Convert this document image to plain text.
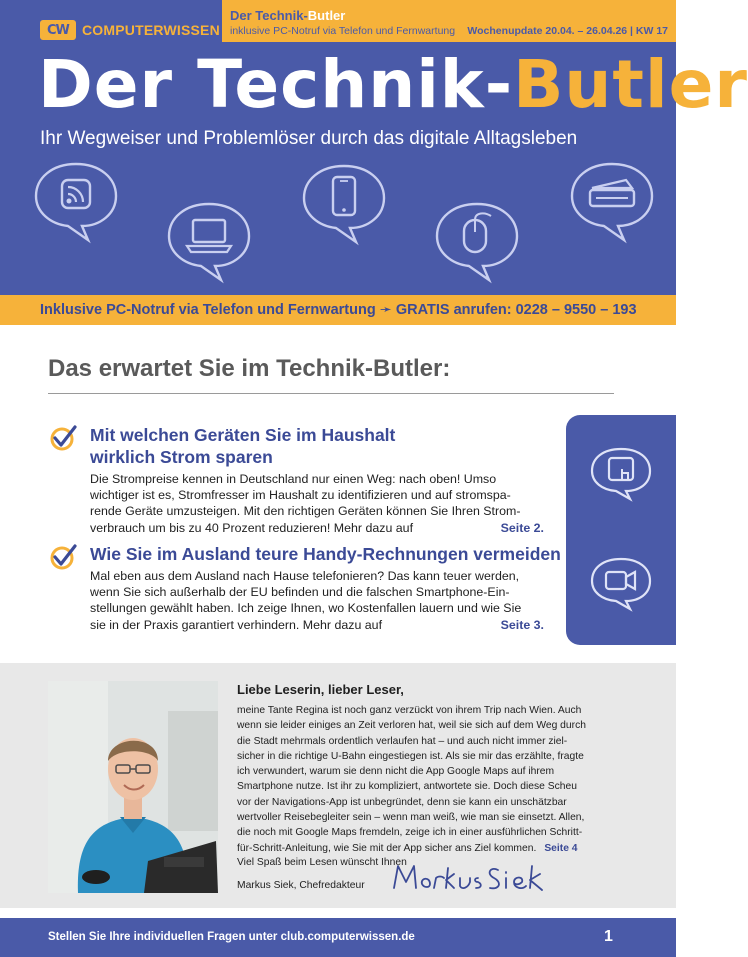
CW COMPUTERWISSEN
Der Technik-Butler
inklusive PC-Notruf via Telefon und Fernwartung Wochenupdate 20.04. – 26.04.26 | KW 17
Der Technik-Butler
Ihr Wegweiser und Problemlöser durch das digitale Alltagsleben
Inklusive PC-Notruf via Telefon und Fernwartung ➛ GRATIS anrufen: 0228 – 9550 – 193
Das erwartet Sie im Technik-Butler:
Mit welchen Geräten Sie im Haushalt
wirklich Strom sparen
Die Strompreise kennen in Deutschland nur einen Weg: nach oben! Umso
wichtiger ist es, Stromfresser im Haushalt zu identifizieren und auf stromspa-
rende Geräte umzusteigen. Mit den richtigen Geräten können Sie Ihren Strom-
verbrauch um bis zu 40 Prozent reduzieren! Mehr dazu auf	Seite 2.
Wie Sie im Ausland teure Handy-Rechnungen vermeiden
Mal eben aus dem Ausland nach Hause telefonieren? Das kann teuer werden,
wenn Sie sich außerhalb der EU befinden und die falschen Smartphone-Ein-
stellungen gewählt haben. Ich zeige Ihnen, wo Kostenfallen lauern und wie Sie
sie in der Praxis garantiert verhindern. Mehr dazu auf	Seite 3.
Liebe Leserin, lieber Leser,
meine Tante Regina ist noch ganz verzückt von ihrem Trip nach Wien. Auch
wenn sie leider einiges an Zeit verloren hat, weil sie sich auf dem Weg durch
die Stadt mehrmals ordentlich verlaufen hat – und auch nicht immer ziel-
sicher in die richtige U-Bahn eingestiegen ist. Als sie mir das erzählte, fragte
ich verwundert, warum sie denn nicht die App Google Maps auf ihrem
Smartphone nutze. Ist ihr zu kompliziert, antwortete sie. Doch diese Scheu
vor der Navigations-App ist unbegründet, denn sie kann ein unschätzbar
wertvoller Reisebegleiter sein – wenn man weiß, wie man sie einsetzt. Allen,
die noch mit Google Maps fremdeln, zeige ich in einer ausführlichen Schritt-
für-Schritt-Anleitung, wie Sie mit der App sicher ans Ziel kommen. Seite 4
Viel Spaß beim Lesen wünscht Ihnen
Markus Siek, Chefredakteur
Stellen Sie Ihre individuellen Fragen unter club.computerwissen.de	1
